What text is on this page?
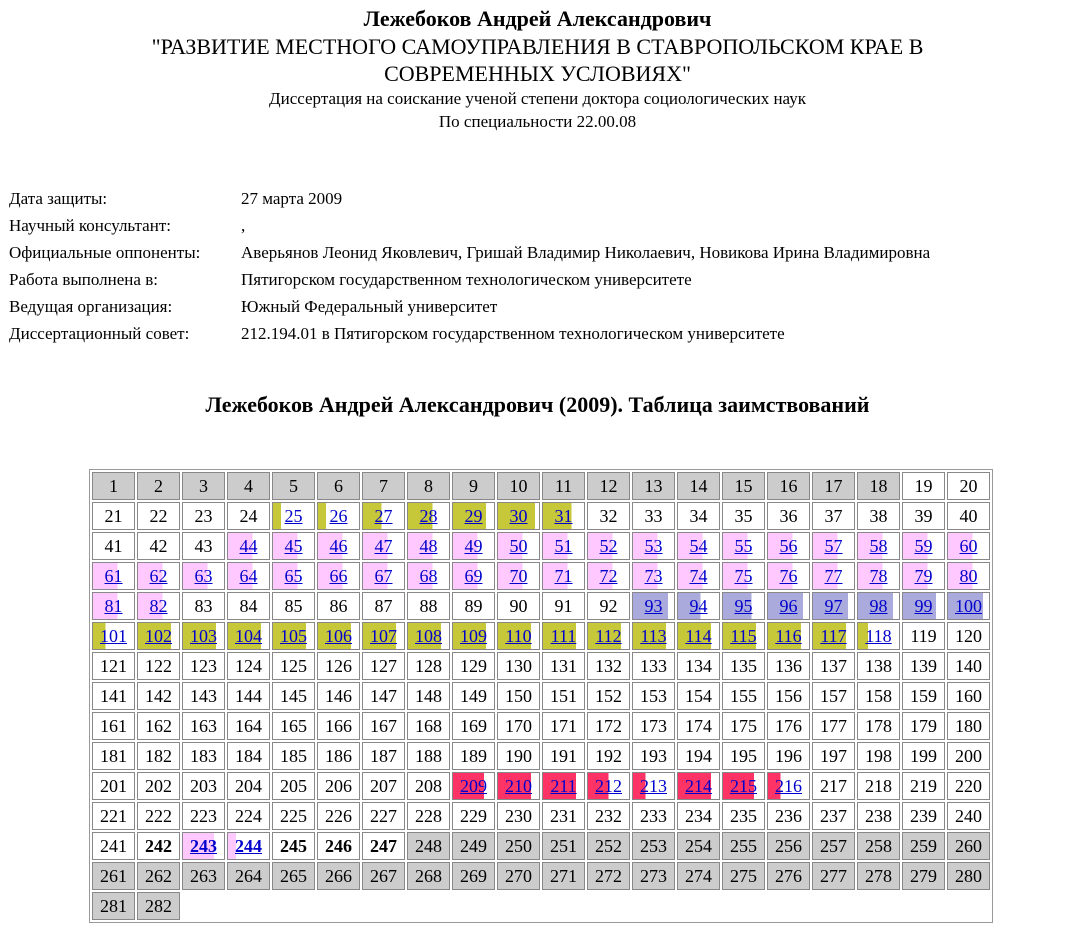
Лежебоков Андрей Александрович
"РАЗВИТИЕ МЕСТНОГО САМОУПРАВЛЕНИЯ В СТАВРОПОЛЬСКОМ КРАЕ В СОВРЕМЕННЫХ УСЛОВИЯХ"
Диссертация на соискание ученой степени доктора социологических наук
По специальности 22.00.08
Дата защиты:	27 марта 2009
Научный консультант:	,
Официальные оппоненты:	Аверьянов Леонид Яковлевич, Гришай Владимир Николаевич, Новикова Ирина Владимировна
Работа выполнена в:	Пятигорском государственном технологическом университете
Ведущая организация:	Южный Федеральный университет
Диссертационный совет:	212.194.01 в Пятигорском государственном технологическом университете
Лежебоков Андрей Александрович (2009). Таблица заимствований
1	2	3	4	5	6	7	8	9	10	11	12	13	14	15	16	17	18	19	20
21	22	23	24	25	26	27	28	29	30	31	32	33	34	35	36	37	38	39	40
41	42	43	44	45	46	47	48	49	50	51	52	53	54	55	56	57	58	59	60
61	62	63	64	65	66	67	68	69	70	71	72	73	74	75	76	77	78	79	80
81	82	83	84	85	86	87	88	89	90	91	92	93	94	95	96	97	98	99	100
101	102	103	104	105	106	107	108	109	110	111	112	113	114	115	116	117	118	119	120
121	122	123	124	125	126	127	128	129	130	131	132	133	134	135	136	137	138	139	140
141	142	143	144	145	146	147	148	149	150	151	152	153	154	155	156	157	158	159	160
161	162	163	164	165	166	167	168	169	170	171	172	173	174	175	176	177	178	179	180
181	182	183	184	185	186	187	188	189	190	191	192	193	194	195	196	197	198	199	200
201	202	203	204	205	206	207	208	209	210	211	212	213	214	215	216	217	218	219	220
221	222	223	224	225	226	227	228	229	230	231	232	233	234	235	236	237	238	239	240
241	242	243	244	245	246	247	248	249	250	251	252	253	254	255	256	257	258	259	260
261	262	263	264	265	266	267	268	269	270	271	272	273	274	275	276	277	278	279	280
281	282																		
